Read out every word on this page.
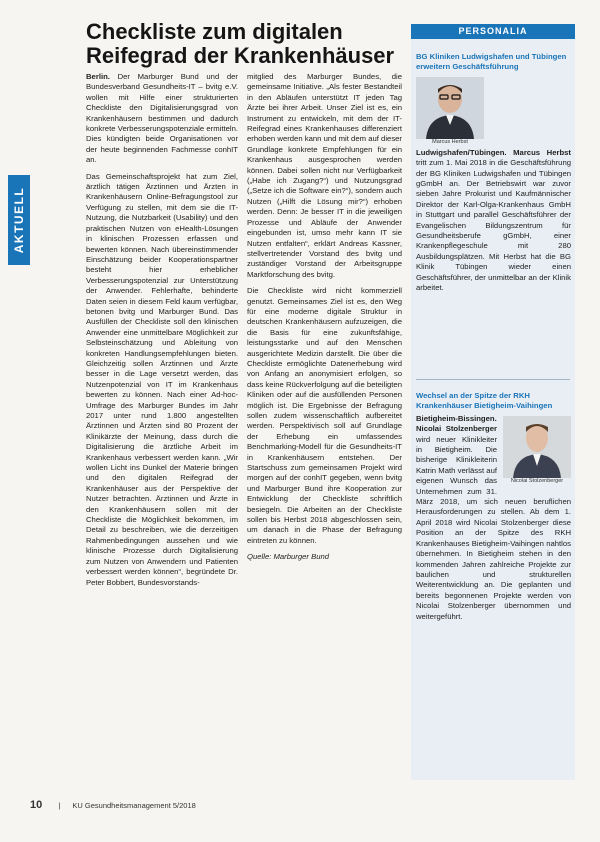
AKTUELL
Checkliste zum digitalen Reifegrad der Krankenhäuser

Berlin. Der Marburger Bund und der Bundesverband Gesundheits-IT – bvitg e.V. wollen mit Hilfe einer strukturierten Checkliste den Digitalisierungsgrad von Krankenhäusern bestimmen und dadurch konkrete Verbesserungspotenziale ermitteln. Dies kündigten beide Organisationen vor der heute beginnenden Fachmesse conhIT an.

Das Gemeinschaftsprojekt hat zum Ziel, ärztlich tätigen Ärztinnen und Ärzten in Krankenhäusern Online-Befragungstool zur Verfügung zu stellen, mit dem sie die IT-Nutzung, die Nutzbarkeit (Usability) und den praktischen Nutzen von eHealth-Lösungen in klinischen Prozessen erfassen und bewerten können. Nach übereinstimmender Einschätzung beider Kooperationspartner besteht hier erheblicher Verbesserungspotenzial zur Unterstützung der Anwender. Fehlerhafte, behinderte Daten seien in diesem Feld kaum verfügbar, betonen bvitg und Marburger Bund. Das Ausfüllen der Checkliste soll den klinischen Anwender eine unmittelbare Möglichkeit zur Selbsteinschätzung und Ableitung von konkreten Handlungsempfehlungen bieten. Gleichzeitig sollen Ärztinnen und Ärzte besser in die Lage versetzt werden, das Nutzenpotenzial von IT im Krankenhaus bewerten zu können. Nach einer Ad-hoc-Umfrage des Marburger Bundes im Jahr 2017 unter rund 1.800 angestellten Ärztinnen und Ärzten sind 80 Prozent der Klinikärzte der Meinung, dass durch die Digitalisierung die ärztliche Arbeit im Krankenhaus verbessert werden kann. „Wir wollen Licht ins Dunkel der Materie bringen und den digitalen Reifegrad der Krankenhäuser aus der Perspektive der Nutzer betrachten. Ärztinnen und Ärzte in den Krankenhäusern sollen mit der Checkliste die Möglichkeit bekommen, im Detail zu beschreiben, wie die derzeitigen Rahmenbedingungen aussehen und wie klinische Prozesse durch Digitalisierung zum Nutzen von Anwendern und Patienten verbessert werden können“, begründete Dr. Peter Bobbert, Bundesvorstands-

mitglied des Marburger Bundes, die gemeinsame Initiative. „Als fester Bestandteil in den Abläufen unterstützt IT jeden Tag Ärzte bei ihrer Arbeit. Unser Ziel ist es, ein Instrument zu entwickeln, mit dem der IT-Reifegrad eines Krankenhauses differenziert erhoben werden kann und mit dem auf dieser Grundlage konkrete Empfehlungen für ein Krankenhaus ausgesprochen werden können. Dabei sollen nicht nur Verfügbarkeit („Habe ich Zugang?“) und Nutzungsgrad („Setze ich die Software ein?“), sondern auch Nutzen („Hilft die Lösung mir?“) erhoben werden. Denn: Je besser IT in die jeweiligen Prozesse und Abläufe der Anwender eingebunden ist, umso mehr kann IT sie Nutzen entfalten“, erklärt Andreas Kassner, stellvertretender Vorstand des bvitg und zuständiger Vorstand der Arbeitsgruppe Marktforschung des bvitg.

Die Checkliste wird nicht kommerziell genutzt. Gemeinsames Ziel ist es, den Weg für eine moderne digitale Struktur in deutschen Krankenhäusern aufzuzeigen, die die Basis für eine zukunftsfähige, leistungsstarke und auf den Menschen ausgerichtete Medizin darstellt. Die über die Checkliste ermöglichte Datenerhebung wird von Anfang an anonymisiert erfolgen, so dass keine Rückverfolgung auf die beteiligten Kliniken oder auf die ausfüllenden Personen möglich ist. Die Ergebnisse der Befragung sollen zudem wissenschaftlich aufbereitet werden. Perspektivisch soll auf Grundlage der Erhebung ein umfassendes Benchmarking-Modell für die Gesundheits-IT in Krankenhäusern entstehen. Der Startschuss zum gemeinsamen Projekt wird morgen auf der conhIT gegeben, wenn bvitg und Marburger Bund ihre Kooperation zur Entwicklung der Checkliste schriftlich besiegeln. Die Arbeiten an der Checkliste sollen bis Herbst 2018 abgeschlossen sein, um danach in die Phase der Befragung eintreten zu können.

Quelle: Marburger Bund

PERSONALIA
BG Kliniken Ludwigshafen und Tübingen erweitern Geschäftsführung
Marcus Herbst
Ludwigshafen/Tübingen. Marcus Herbst tritt zum 1. Mai 2018 in die Geschäftsführung der BG Kliniken Ludwigshafen und Tübingen gGmbH an. Der Betriebswirt war zuvor sieben Jahre Prokurist und Kaufmännischer Direktor der Karl-Olga-Krankenhaus GmbH in Stuttgart und parallel Geschäftsführer der Evangelischen Bildungszentrum für Gesundheitsberufe gGmbH, einer Krankenpflegeschule mit 280 Ausbildungsplätzen. Mit Herbst hat die BG Klinik Tübingen wieder einen Geschäftsführer, der unmittelbar an der Klinik arbeitet.
Wechsel an der Spitze der RKH Krankenhäuser Bietigheim-Vaihingen
Nicolai Stolzenberger
Bietigheim-Bissingen. Nicolai Stolzenberger wird neuer Klinikleiter in Bietigheim. Die bisherige Klinikleiterin Katrin Math verlässt auf eigenen Wunsch das Unternehmen zum 31. März 2018, um sich neuen beruflichen Herausforderungen zu stellen. Ab dem 1. April 2018 wird Nicolai Stolzenberger diese Position an der Spitze des RKH Krankenhauses Bietigheim-Vaihingen nahtlos übernehmen. In Bietigheim stehen in den kommenden Jahren zahlreiche Projekte zur baulichen und strukturellen Weiterentwicklung an. Die geplanten und bereits begonnenen Projekte werden von Nicolai Stolzenberger übernommen und weitergeführt.
10 | KU Gesundheitsmanagement 5/2018
